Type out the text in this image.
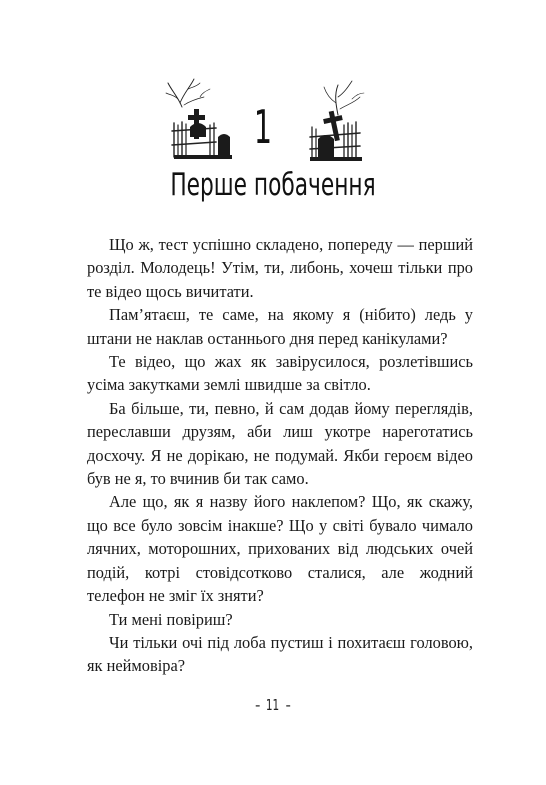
1
Перше побачення

Що ж, тест успішно складено, попереду — перший розділ. Молодець! Утім, ти, либонь, хочеш тільки про те відео щось вичитати.

Пам’ятаєш, те саме, на якому я (нібито) ледь у штани не наклав останнього дня перед канікулами?

Те відео, що жах як завірусилося, розлетівшись усіма закутками землі швидше за світло.

Ба більше, ти, певно, й сам додав йому переглядів, переславши друзям, аби лиш укотре нареготатись досхочу. Я не дорікаю, не подумай. Якби героєм відео був не я, то вчинив би так само.

Але що, як я назву його наклепом? Що, як скажу, що все було зовсім інакше? Що у світі бувало чимало лячних, моторошних, прихованих від людських очей подій, котрі стовідсотково сталися, але жодний телефон не зміг їх зняти?

Ти мені повіриш?

Чи тільки очі під лоба пустиш і похитаєш головою, як неймовіра?

- 11 -
